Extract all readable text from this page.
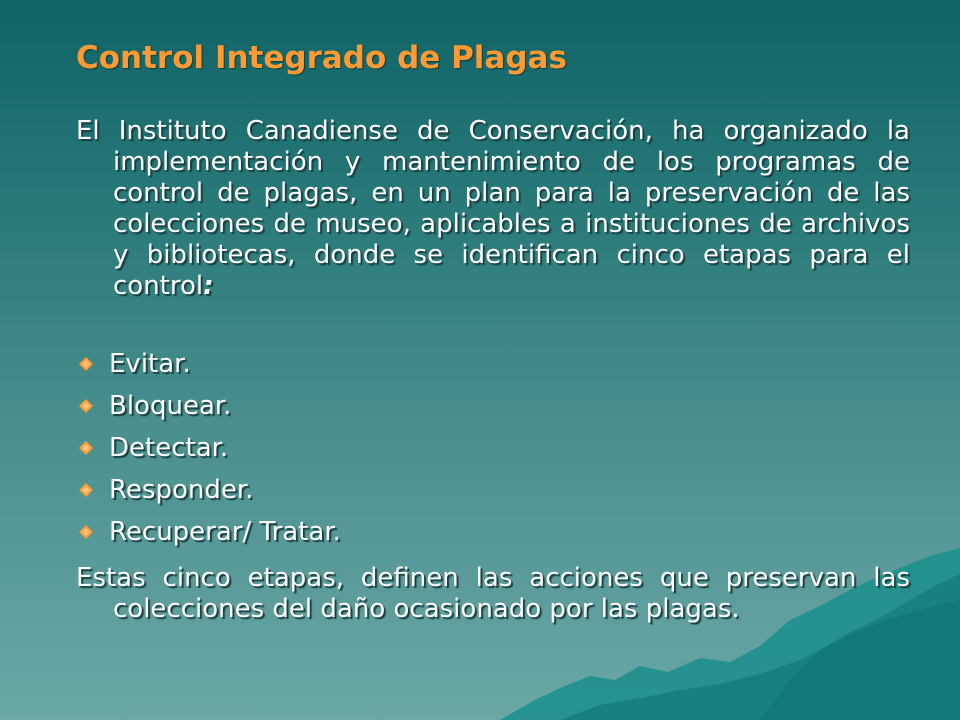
Control Integrado de Plagas

El Instituto Canadiense de Conservación, ha organizado la implementación y mantenimiento de los programas de control de plagas, en un plan para la preservación de las colecciones de museo, aplicables a instituciones de archivos y bibliotecas, donde se identifican cinco etapas para el control:

Evitar.
Bloquear.
Detectar.
Responder.
Recuperar/ Tratar.

Estas cinco etapas, definen las acciones que preservan las colecciones del daño ocasionado por las plagas.
